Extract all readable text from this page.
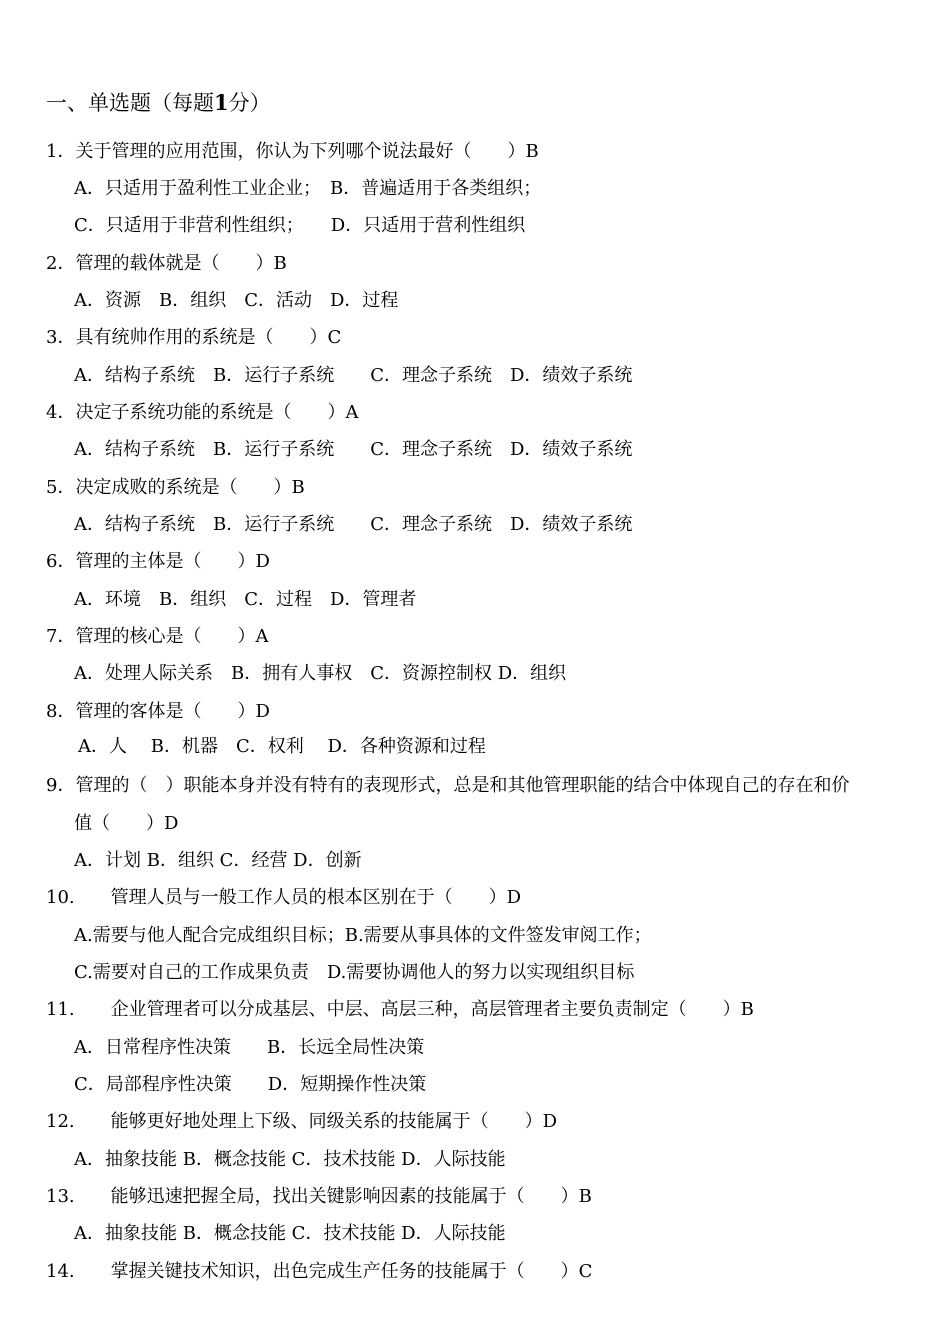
一、单选题（每题1分）
1．关于管理的应用范围，你认为下列哪个说法最好（　　）B
A．只适用于盈利性工业企业；　B．普遍适用于各类组织；
C．只适用于非营利性组织；　　D．只适用于营利性组织
2．管理的载体就是（　　）B
A．资源　B．组织　C．活动　D．过程
3．具有统帅作用的系统是（　　）C
A．结构子系统　B．运行子系统　　C．理念子系统　D．绩效子系统
4．决定子系统功能的系统是（　　）A
A．结构子系统　B．运行子系统　　C．理念子系统　D．绩效子系统
5．决定成败的系统是（　　）B
A．结构子系统　B．运行子系统　　C．理念子系统　D．绩效子系统
6．管理的主体是（　　）D
A．环境　B．组织　C．过程　D．管理者
7．管理的核心是（　　）A
A．处理人际关系　B．拥有人事权　C．资源控制权 D．组织
8．管理的客体是（　　）D
A．人　 B．机器　C．权利　 D．各种资源和过程
9．管理的（　）职能本身并没有特有的表现形式，总是和其他管理职能的结合中体现自己的存在和价
值（　　）D
A．计划 B．组织 C．经营 D．创新
10.　　管理人员与一般工作人员的根本区别在于（　　）D
A.需要与他人配合完成组织目标；B.需要从事具体的文件签发审阅工作；
C.需要对自己的工作成果负责　D.需要协调他人的努力以实现组织目标
11.　　企业管理者可以分成基层、中层、高层三种，高层管理者主要负责制定（　　）B
A．日常程序性决策　　B．长远全局性决策
C．局部程序性决策　　D．短期操作性决策
12.　　能够更好地处理上下级、同级关系的技能属于（　　）D
A．抽象技能 B．概念技能 C．技术技能 D．人际技能
13.　　能够迅速把握全局，找出关键影响因素的技能属于（　　）B
A．抽象技能 B．概念技能 C．技术技能 D．人际技能
14.　　掌握关键技术知识，出色完成生产任务的技能属于（　　）C
